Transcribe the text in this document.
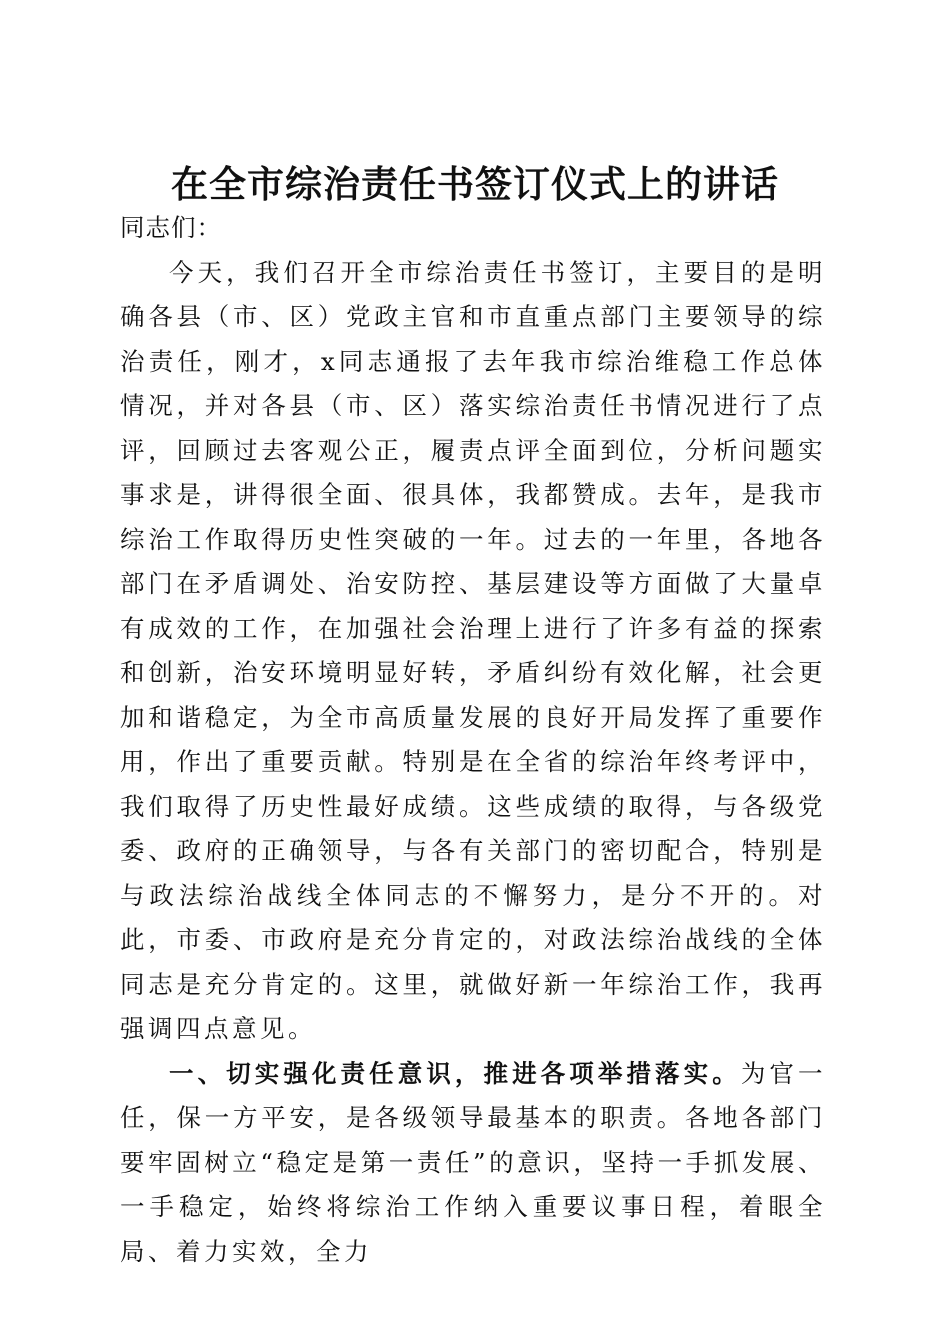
在全市综治责任书签订仪式上的讲话

同志们：

今天，我们召开全市综治责任书签订，主要目的是明确各县（市、区）党政主官和市直重点部门主要领导的综治责任，刚才，x同志通报了去年我市综治维稳工作总体情况，并对各县（市、区）落实综治责任书情况进行了点评，回顾过去客观公正，履责点评全面到位，分析问题实事求是，讲得很全面、很具体，我都赞成。去年，是我市综治工作取得历史性突破的一年。过去的一年里，各地各部门在矛盾调处、治安防控、基层建设等方面做了大量卓有成效的工作，在加强社会治理上进行了许多有益的探索和创新，治安环境明显好转，矛盾纠纷有效化解，社会更加和谐稳定，为全市高质量发展的良好开局发挥了重要作用，作出了重要贡献。特别是在全省的综治年终考评中，我们取得了历史性最好成绩。这些成绩的取得，与各级党委、政府的正确领导，与各有关部门的密切配合，特别是与政法综治战线全体同志的不懈努力，是分不开的。对此，市委、市政府是充分肯定的，对政法综治战线的全体同志是充分肯定的。这里，就做好新一年综治工作，我再强调四点意见。

一、切实强化责任意识，推进各项举措落实。为官一任，保一方平安，是各级领导最基本的职责。各地各部门要牢固树立“稳定是第一责任”的意识，坚持一手抓发展、一手稳定，始终将综治工作纳入重要议事日程，着眼全局、着力实效，全力
